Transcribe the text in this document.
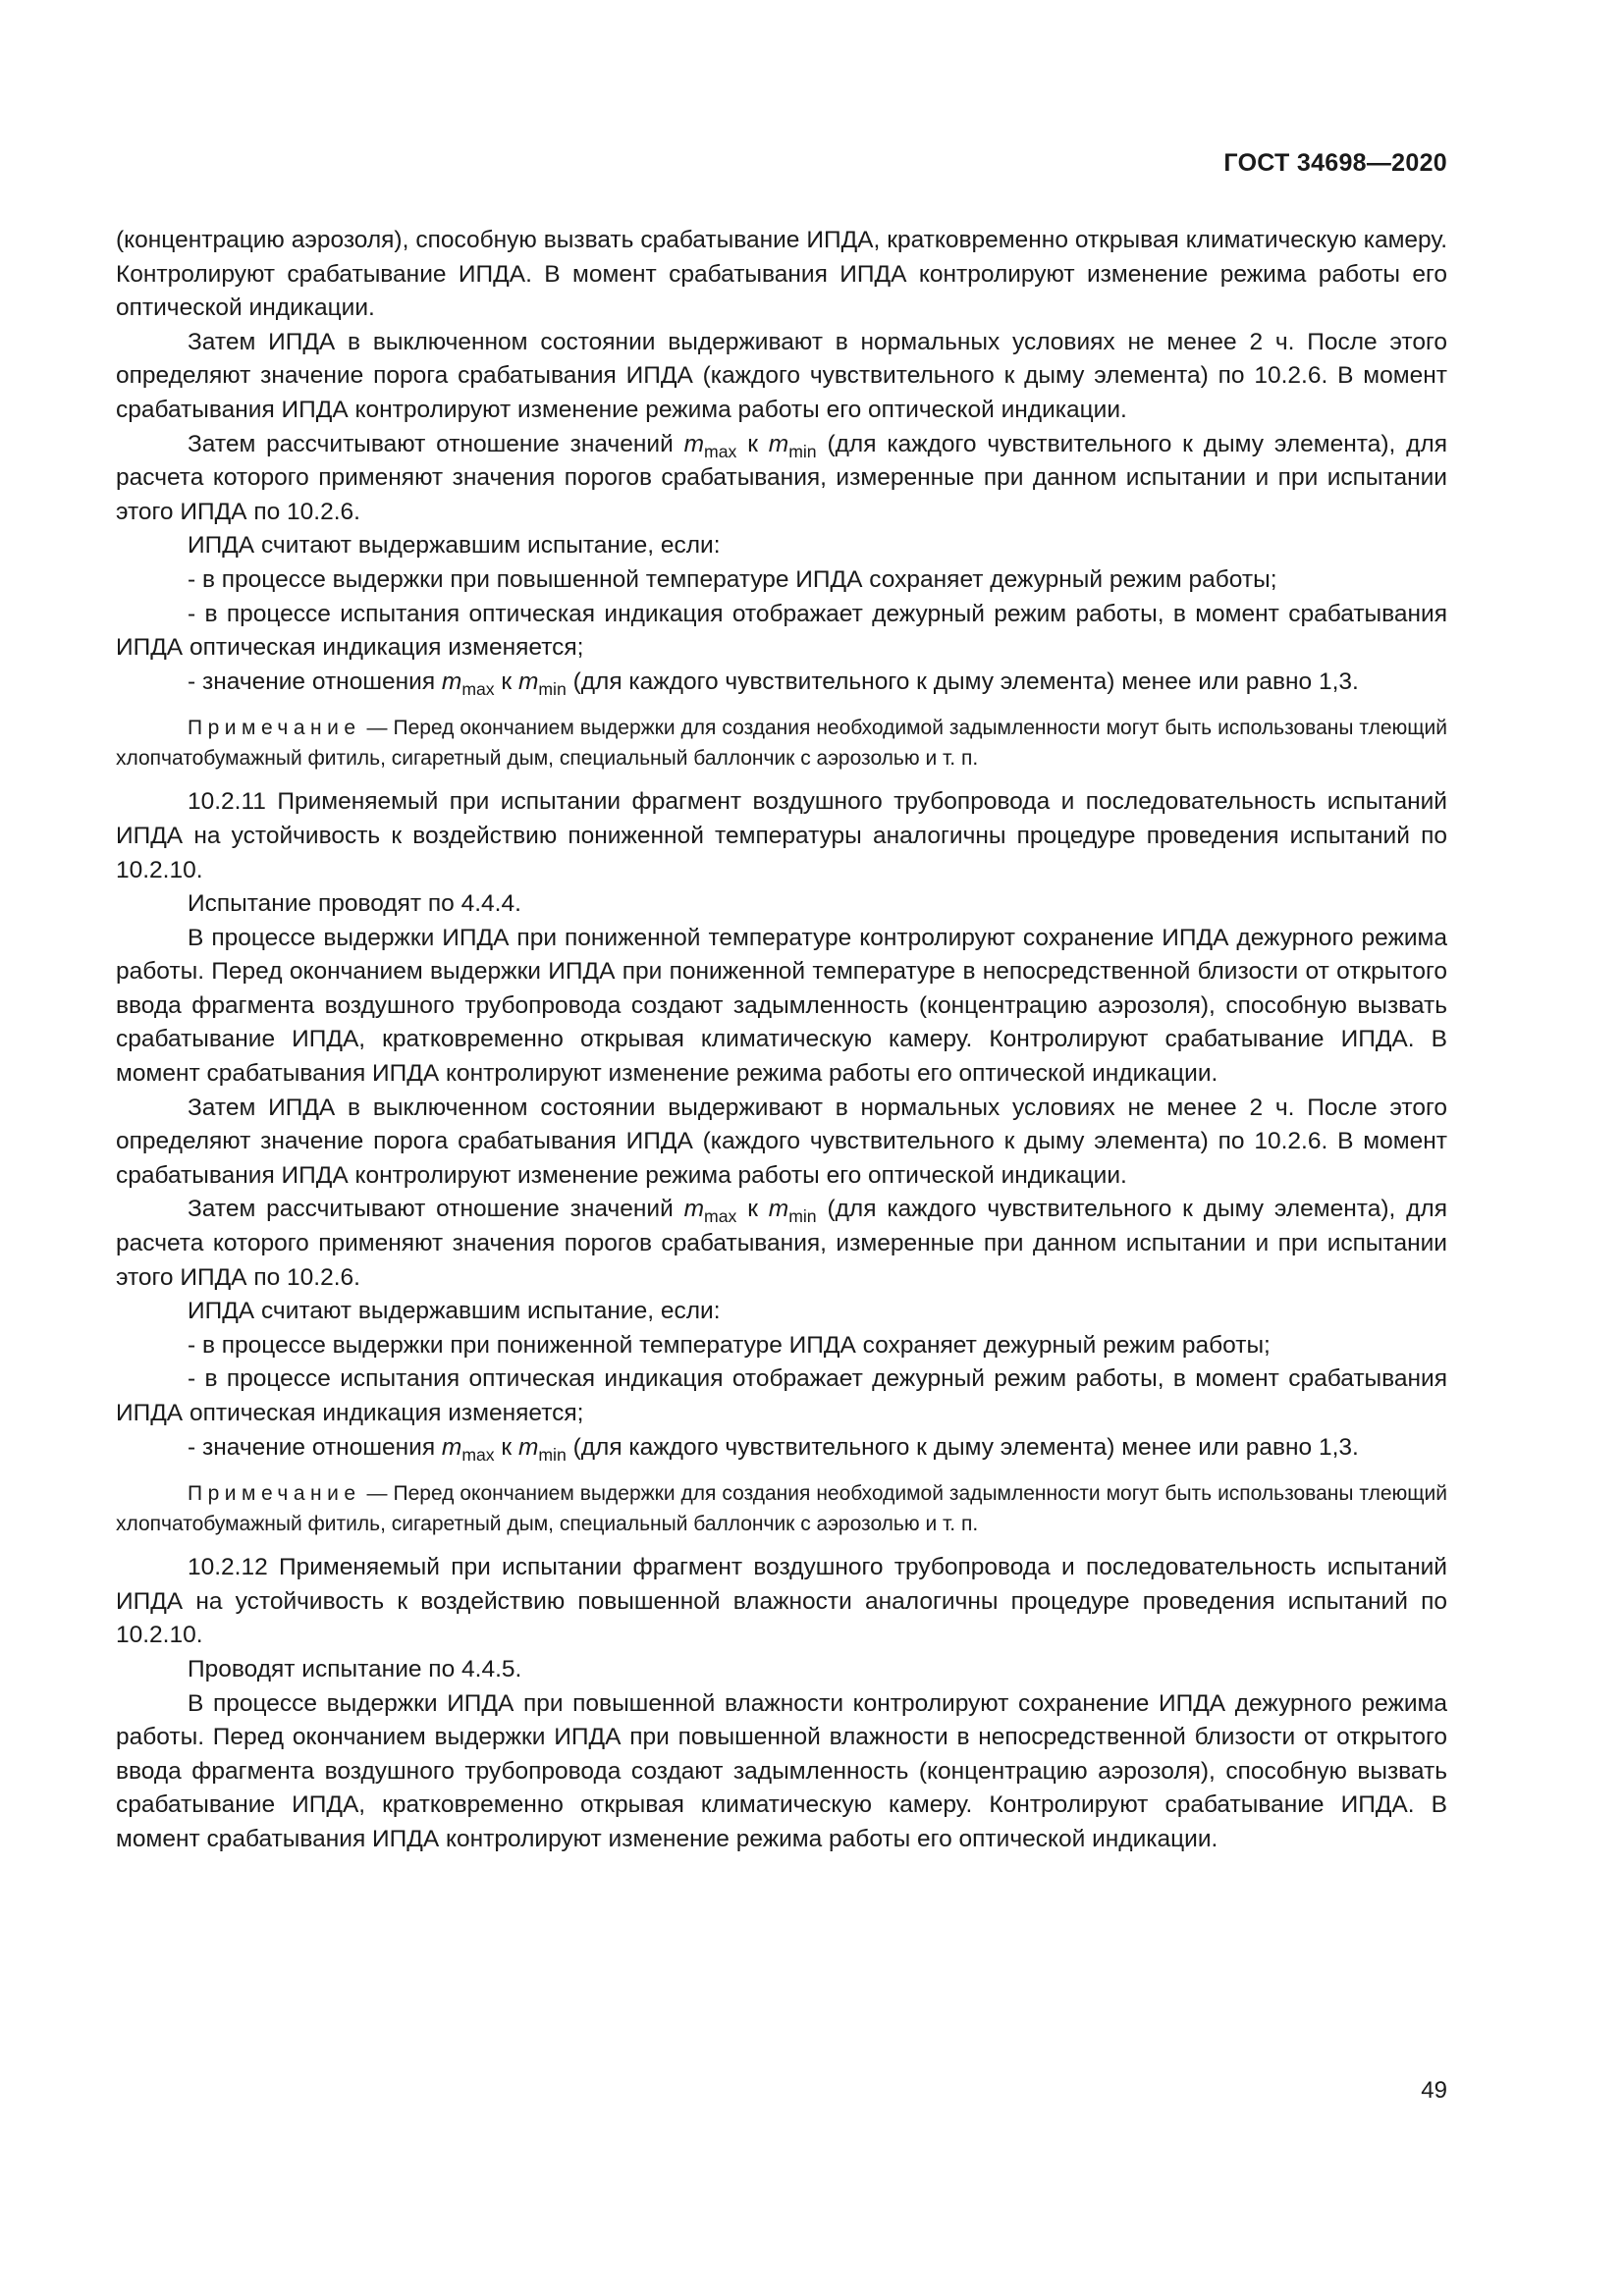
ГОСТ 34698—2020

(концентрацию аэрозоля), способную вызвать срабатывание ИПДА, кратковременно открывая климатическую камеру. Контролируют срабатывание ИПДА. В момент срабатывания ИПДА контролируют изменение режима работы его оптической индикации.

Затем ИПДА в выключенном состоянии выдерживают в нормальных условиях не менее 2 ч. После этого определяют значение порога срабатывания ИПДА (каждого чувствительного к дыму элемента) по 10.2.6. В момент срабатывания ИПДА контролируют изменение режима работы его оптической индикации.

Затем рассчитывают отношение значений $m_{max}$ к $m_{min}$ (для каждого чувствительного к дыму элемента), для расчета которого применяют значения порогов срабатывания, измеренные при данном испытании и при испытании этого ИПДА по 10.2.6.

ИПДА считают выдержавшим испытание, если:

- в процессе выдержки при повышенной температуре ИПДА сохраняет дежурный режим работы;

- в процессе испытания оптическая индикация отображает дежурный режим работы, в момент срабатывания ИПДА оптическая индикация изменяется;

- значение отношения $m_{max}$ к $m_{min}$ (для каждого чувствительного к дыму элемента) менее или равно 1,3.

Примечание — Перед окончанием выдержки для создания необходимой задымленности могут быть использованы тлеющий хлопчатобумажный фитиль, сигаретный дым, специальный баллончик с аэрозолью и т. п.

10.2.11 Применяемый при испытании фрагмент воздушного трубопровода и последовательность испытаний ИПДА на устойчивость к воздействию пониженной температуры аналогичны процедуре проведения испытаний по 10.2.10.

Испытание проводят по 4.4.4.

В процессе выдержки ИПДА при пониженной температуре контролируют сохранение ИПДА дежурного режима работы. Перед окончанием выдержки ИПДА при пониженной температуре в непосредственной близости от открытого ввода фрагмента воздушного трубопровода создают задымленность (концентрацию аэрозоля), способную вызвать срабатывание ИПДА, кратковременно открывая климатическую камеру. Контролируют срабатывание ИПДА. В момент срабатывания ИПДА контролируют изменение режима работы его оптической индикации.

Затем ИПДА в выключенном состоянии выдерживают в нормальных условиях не менее 2 ч. После этого определяют значение порога срабатывания ИПДА (каждого чувствительного к дыму элемента) по 10.2.6. В момент срабатывания ИПДА контролируют изменение режима работы его оптической индикации.

Затем рассчитывают отношение значений $m_{max}$ к $m_{min}$ (для каждого чувствительного к дыму элемента), для расчета которого применяют значения порогов срабатывания, измеренные при данном испытании и при испытании этого ИПДА по 10.2.6.

ИПДА считают выдержавшим испытание, если:

- в процессе выдержки при пониженной температуре ИПДА сохраняет дежурный режим работы;

- в процессе испытания оптическая индикация отображает дежурный режим работы, в момент срабатывания ИПДА оптическая индикация изменяется;

- значение отношения $m_{max}$ к $m_{min}$ (для каждого чувствительного к дыму элемента) менее или равно 1,3.

Примечание — Перед окончанием выдержки для создания необходимой задымленности могут быть использованы тлеющий хлопчатобумажный фитиль, сигаретный дым, специальный баллончик с аэрозолью и т. п.

10.2.12 Применяемый при испытании фрагмент воздушного трубопровода и последовательность испытаний ИПДА на устойчивость к воздействию повышенной влажности аналогичны процедуре проведения испытаний по 10.2.10.

Проводят испытание по 4.4.5.

В процессе выдержки ИПДА при повышенной влажности контролируют сохранение ИПДА дежурного режима работы. Перед окончанием выдержки ИПДА при повышенной влажности в непосредственной близости от открытого ввода фрагмента воздушного трубопровода создают задымленность (концентрацию аэрозоля), способную вызвать срабатывание ИПДА, кратковременно открывая климатическую камеру. Контролируют срабатывание ИПДА. В момент срабатывания ИПДА контролируют изменение режима работы его оптической индикации.

49
